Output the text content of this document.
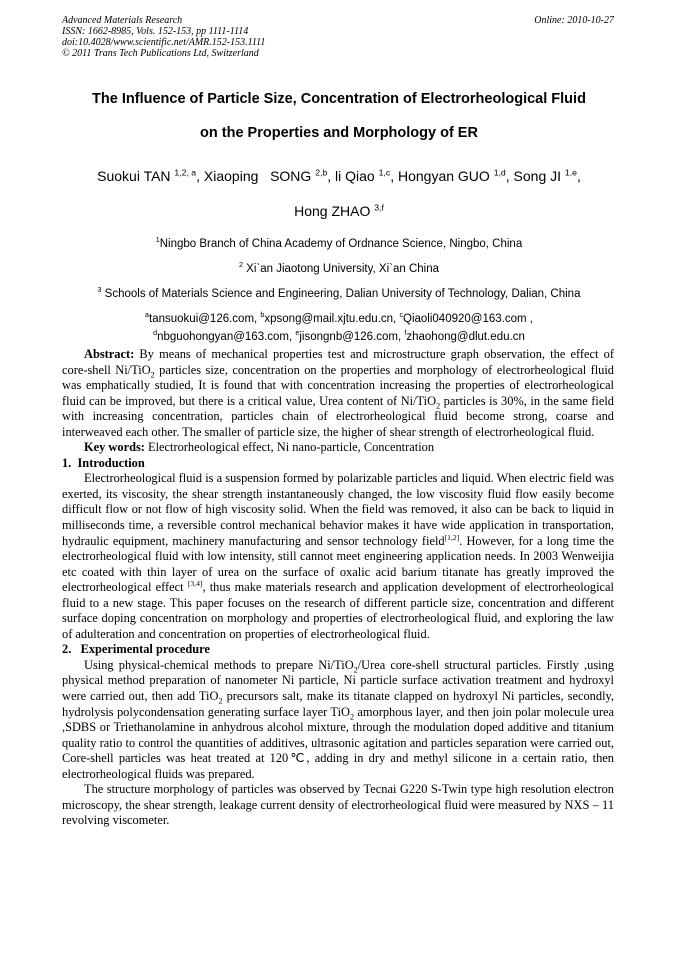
Advanced Materials Research
ISSN: 1662-8985, Vols. 152-153, pp 1111-1114
doi:10.4028/www.scientific.net/AMR.152-153.1111
© 2011 Trans Tech Publications Ltd, Switzerland
Online: 2010-10-27
The Influence of Particle Size, Concentration of Electrorheological Fluid
on the Properties and Morphology of ER
Suokui TAN $^{1,2, a}$, Xiaoping   SONG $^{2,b}$, li Qiao $^{1,c}$, Hongyan GUO $^{1,d}$, Song JI $^{1,e}$,
Hong ZHAO $^{3,f}$
$^1$Ningbo Branch of China Academy of Ordnance Science, Ningbo, China
$^2$ Xiˋan Jiaotong University, Xiˋan China
$^3$ Schools of Materials Science and Engineering, Dalian University of Technology, Dalian, China
$^a$tansuokui@126.com, $^b$xpsong@mail.xjtu.edu.cn, $^c$Qiaoli040920@163.com ,
$^d$nbguohongyan@163.com, $^e$jisongnb@126.com, $^f$zhaohong@dlut.edu.cn

Abstract: By means of mechanical properties test and microstructure graph observation, the effect of core-shell Ni/TiO$_2$ particles size, concentration on the properties and morphology of electrorheological fluid was emphatically studied, It is found that with concentration increasing the properties of electrorheological fluid can be improved, but there is a critical value, Urea content of Ni/TiO$_2$ particles is 30%, in the same field with increasing concentration, particles chain of electrorheological fluid become strong, coarse and interweaved each other. The smaller of particle size, the higher of shear strength of electrorheological fluid.

Key words: Electrorheological effect, Ni nano-particle, Concentration

1.  Introduction

Electrorheological fluid is a suspension formed by polarizable particles and liquid. When electric field was exerted, its viscosity, the shear strength instantaneously changed, the low viscosity fluid flow easily become difficult flow or not flow of high viscosity solid. When the field was removed, it also can be back to liquid in milliseconds time, a reversible control mechanical behavior makes it have wide application in transportation, hydraulic equipment, machinery manufacturing and sensor technology field[1,2]. However, for a long time the electrorheological fluid with low intensity, still cannot meet engineering application needs. In 2003 Wenweijia etc coated with thin layer of urea on the surface of oxalic acid barium titanate has greatly improved the electrorheological effect [3,4], thus make materials research and application development of electrorheological fluid to a new stage. This paper focuses on the research of different particle size, concentration and different surface doping concentration on morphology and properties of electrorheological fluid, and exploring the law of adulteration and concentration on properties of electrorheological fluid.

2.   Experimental procedure

Using physical-chemical methods to prepare Ni/TiO$_2$/Urea core-shell structural particles. Firstly ,using physical method preparation of nanometer Ni particle, Ni particle surface activation treatment and hydroxyl were carried out, then add TiO$_2$ precursors salt, make its titanate clapped on hydroxyl Ni particles, secondly, hydrolysis polycondensation generating surface layer TiO$_2$ amorphous layer, and then join polar molecule urea ,SDBS or Triethanolamine in anhydrous alcohol mixture, through the modulation doped additive and titanium quality ratio to control the quantities of additives, ultrasonic agitation and particles separation were carried out, Core-shell particles was heat treated at 120℃, adding in dry and methyl silicone in a certain ratio, then electrorheological fluids was prepared.

The structure morphology of particles was observed by Tecnai G220 S-Twin type high resolution electron microscopy, the shear strength, leakage current density of electrorheological fluid were measured by NXS – 11 revolving viscometer.
